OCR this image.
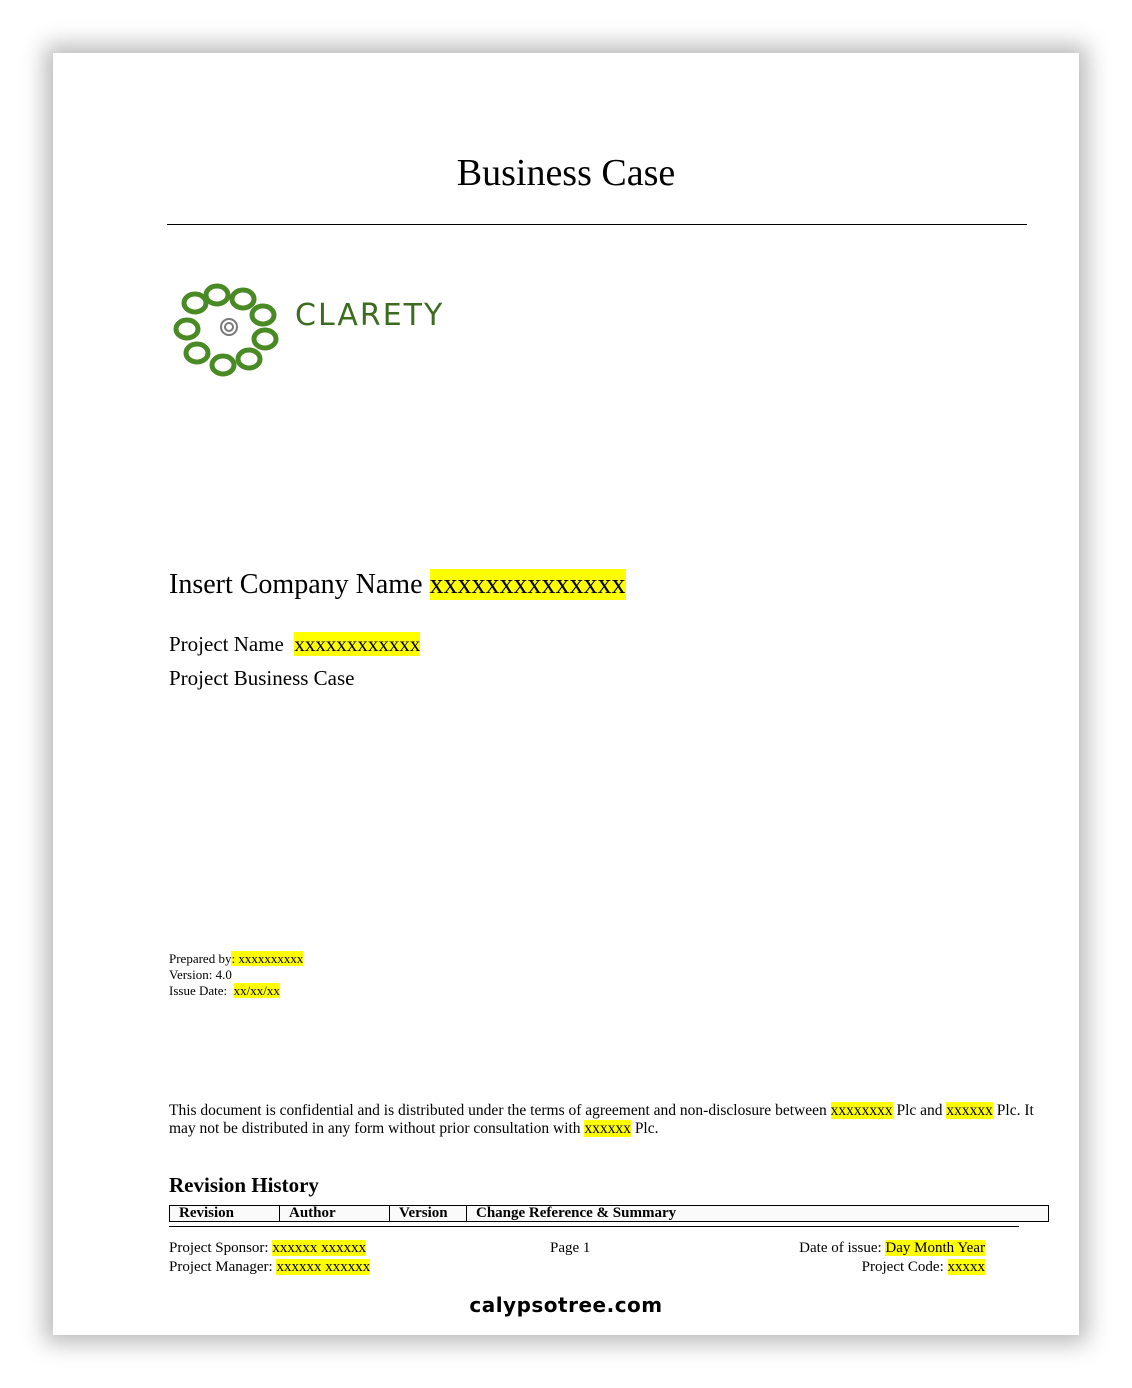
Business Case
CLARETY
Insert Company Name xxxxxxxxxxxxxx
Project Name xxxxxxxxxxxx
Project Business Case
Prepared by: xxxxxxxxxx
Version: 4.0
Issue Date: xx/xx/xx
This document is confidential and is distributed under the terms of agreement and non-disclosure between xxxxxxxx Plc and xxxxxx Plc. It may not be distributed in any form without prior consultation with xxxxxx Plc.
Revision History
Revision	Author	Version	Change Reference & Summary
Project Sponsor: xxxxxx xxxxxx
Project Manager: xxxxxx xxxxxx
Page 1	Date of issue: Day Month Year
Project Code: xxxxx
calypsotree.com
